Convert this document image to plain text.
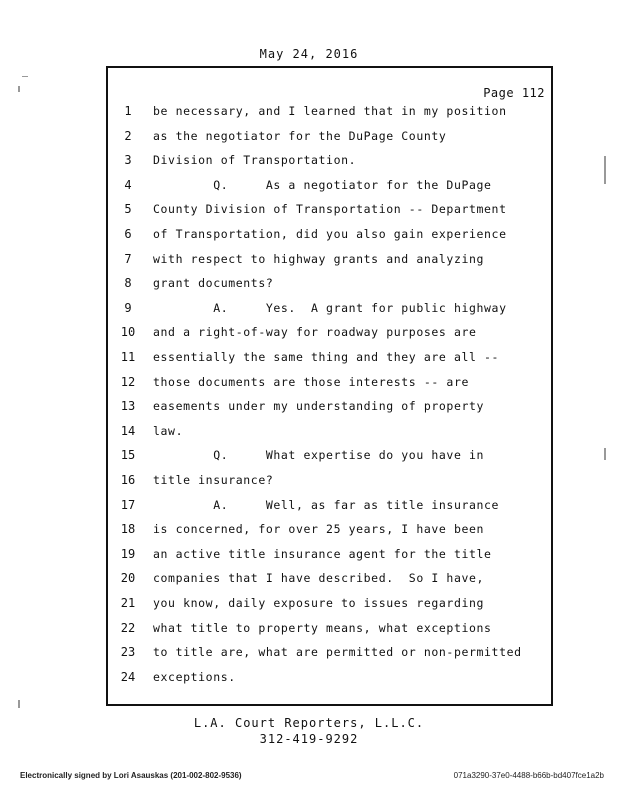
May 24, 2016
Page 112
1	be necessary, and I learned that in my position
2	as the negotiator for the DuPage County
3	Division of Transportation.
4	Q.     As a negotiator for the DuPage
5	County Division of Transportation -- Department
6	of Transportation, did you also gain experience
7	with respect to highway grants and analyzing
8	grant documents?
9	A.     Yes.  A grant for public highway
10	and a right-of-way for roadway purposes are
11	essentially the same thing and they are all --
12	those documents are those interests -- are
13	easements under my understanding of property
14	law.
15	Q.     What expertise do you have in
16	title insurance?
17	A.     Well, as far as title insurance
18	is concerned, for over 25 years, I have been
19	an active title insurance agent for the title
20	companies that I have described.  So I have,
21	you know, daily exposure to issues regarding
22	what title to property means, what exceptions
23	to title are, what are permitted or non-permitted
24	exceptions.
L.A. Court Reporters, L.L.C.
312-419-9292
Electronically signed by Lori Asauskas (201-002-802-9536)	071a3290-37e0-4488-b66b-bd407fce1a2b
